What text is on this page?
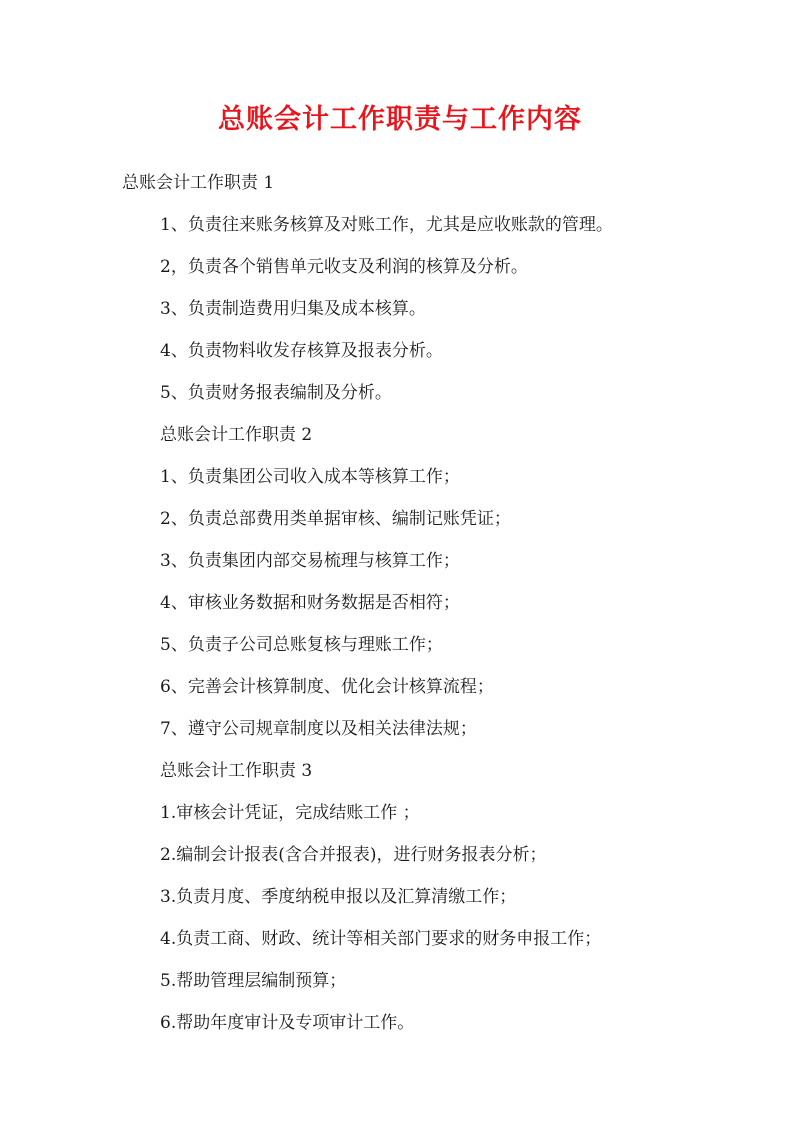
总账会计工作职责与工作内容
总账会计工作职责 1
1、负责往来账务核算及对账工作，尤其是应收账款的管理。
2，负责各个销售单元收支及利润的核算及分析。
3、负责制造费用归集及成本核算。
4、负责物料收发存核算及报表分析。
5、负责财务报表编制及分析。
总账会计工作职责 2
1、负责集团公司收入成本等核算工作；
2、负责总部费用类单据审核、编制记账凭证；
3、负责集团内部交易梳理与核算工作；
4、审核业务数据和财务数据是否相符；
5、负责子公司总账复核与理账工作；
6、完善会计核算制度、优化会计核算流程；
7、遵守公司规章制度以及相关法律法规；
总账会计工作职责 3
1.审核会计凭证，完成结账工作 ；
2.编制会计报表(含合并报表)，进行财务报表分析；
3.负责月度、季度纳税申报以及汇算清缴工作；
4.负责工商、财政、统计等相关部门要求的财务申报工作；
5.帮助管理层编制预算；
6.帮助年度审计及专项审计工作。
